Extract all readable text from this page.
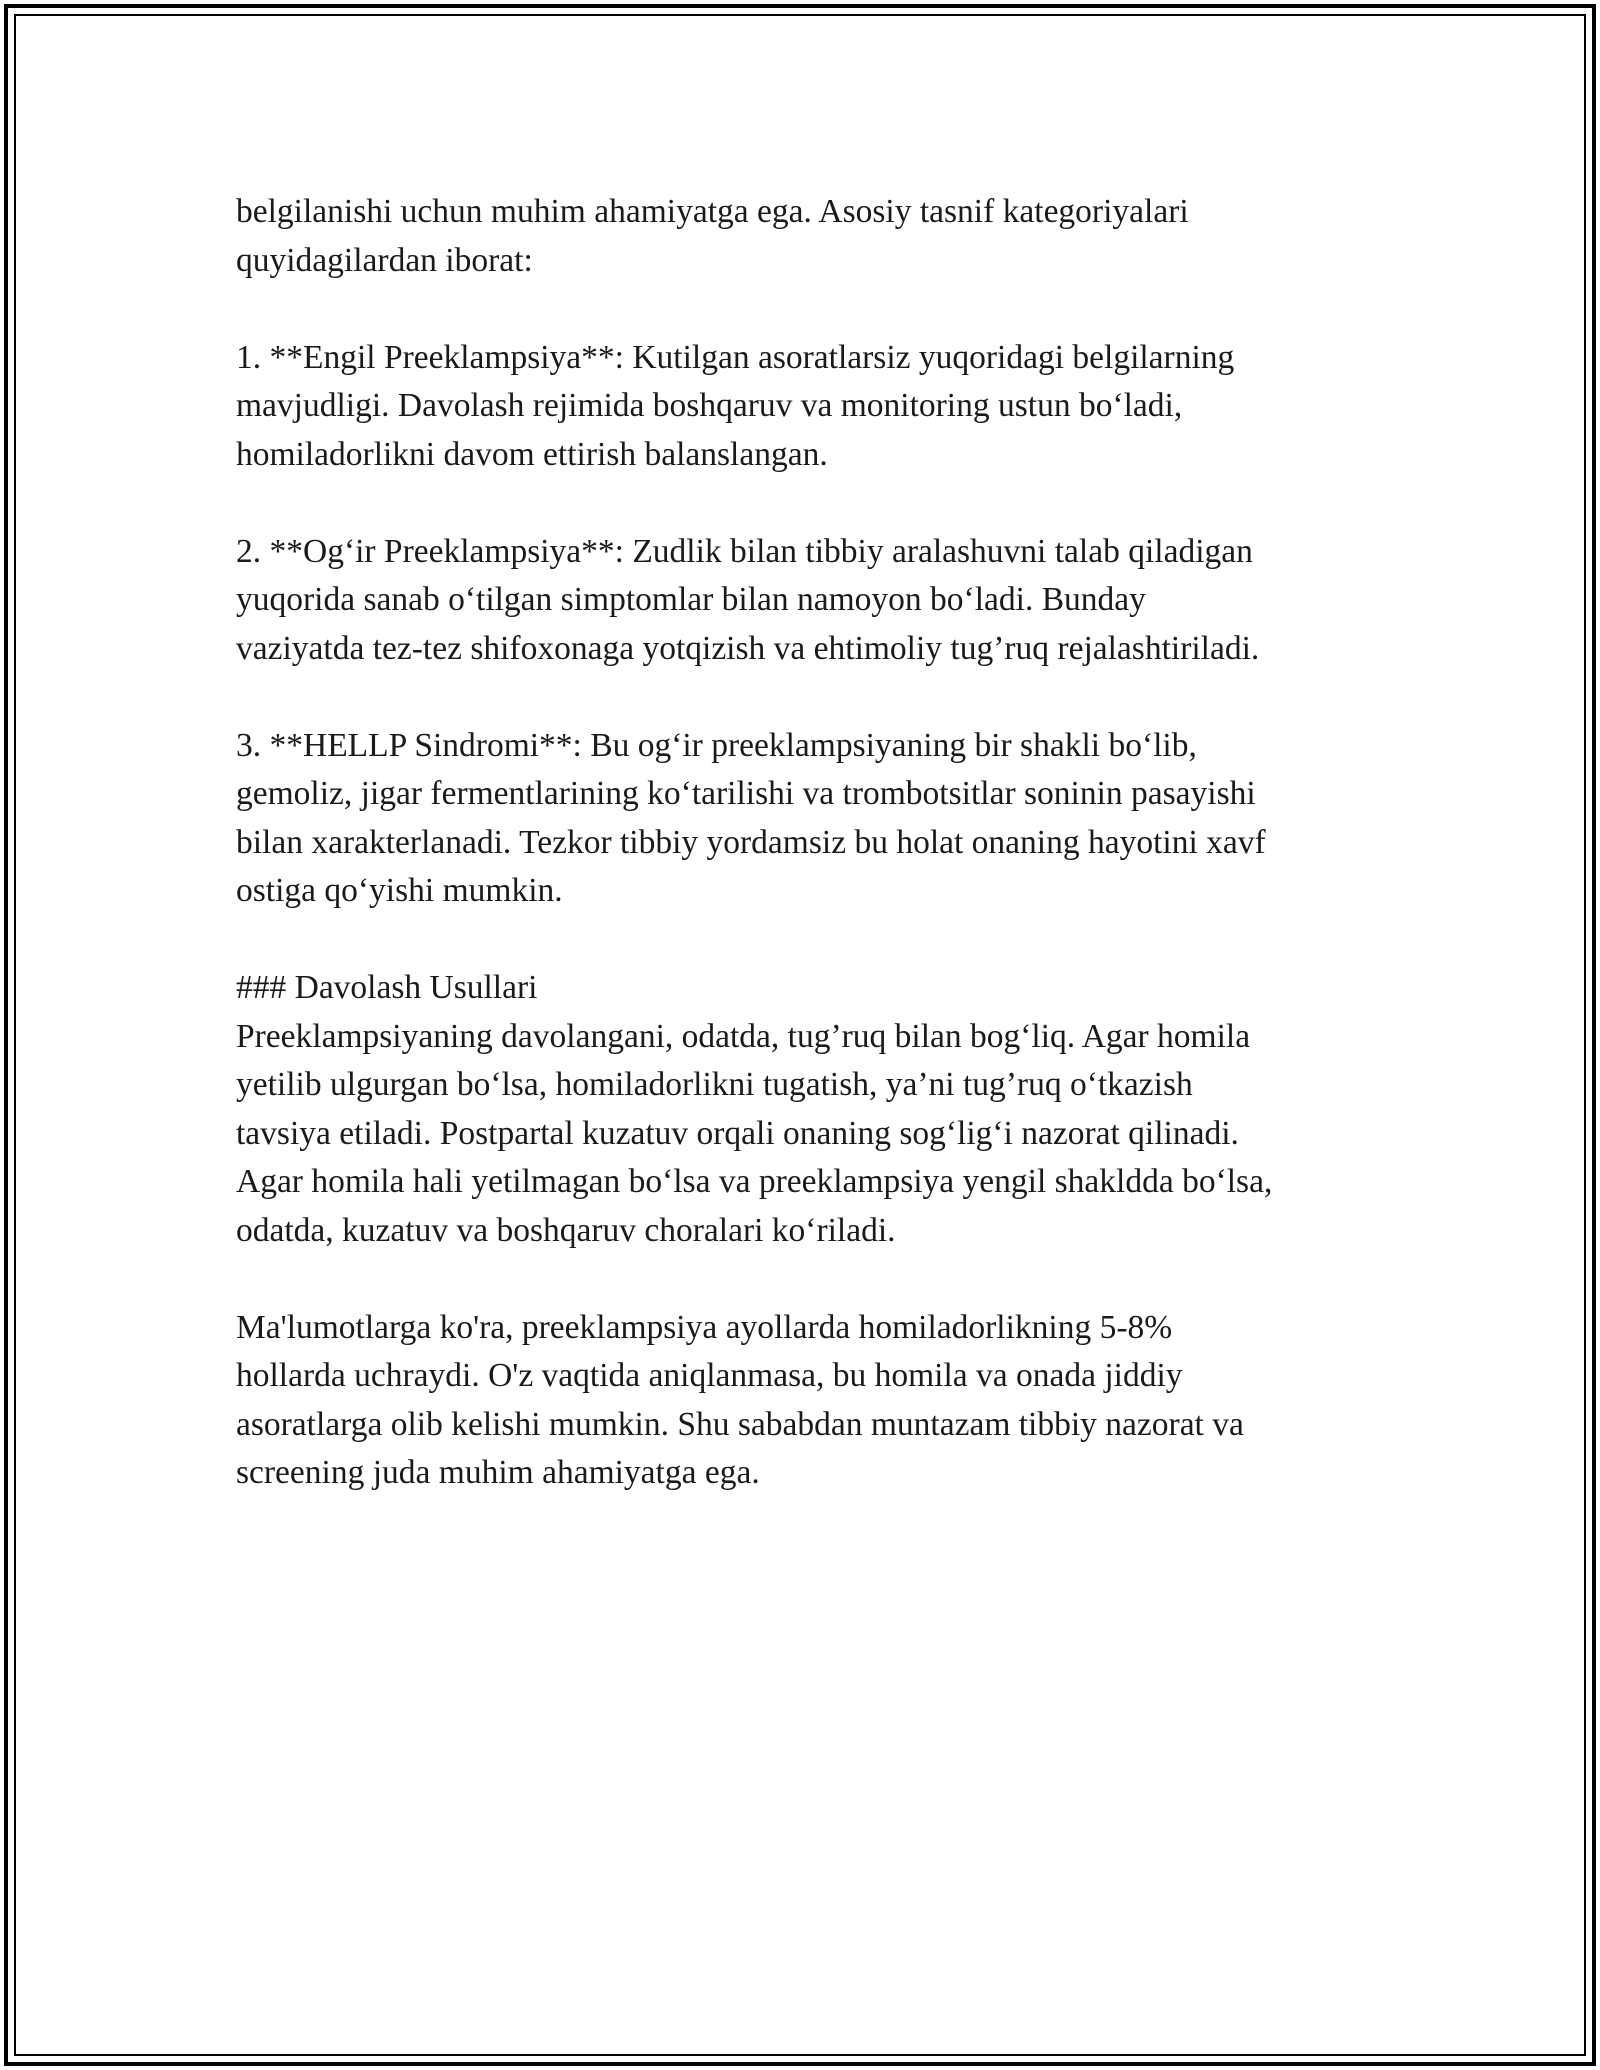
belgilanishi uchun muhim ahamiyatga ega. Asosiy tasnif kategoriyalari
quyidagilardan iborat:

1. **Engil Preeklampsiya**: Kutilgan asoratlarsiz yuqoridagi belgilarning
mavjudligi. Davolash rejimida boshqaruv va monitoring ustun bo‘ladi,
homiladorlikni davom ettirish balanslangan.

2. **Og‘ir Preeklampsiya**: Zudlik bilan tibbiy aralashuvni talab qiladigan
yuqorida sanab o‘tilgan simptomlar bilan namoyon bo‘ladi. Bunday
vaziyatda tez-tez shifoxonaga yotqizish va ehtimoliy tug’ruq rejalashtiriladi.

3. **HELLP Sindromi**: Bu og‘ir preeklampsiyaning bir shakli bo‘lib,
gemoliz, jigar fermentlarining ko‘tarilishi va trombotsitlar soninin pasayishi
bilan xarakterlanadi. Tezkor tibbiy yordamsiz bu holat onaning hayotini xavf
ostiga qo‘yishi mumkin.

### Davolash Usullari

Preeklampsiyaning davolangani, odatda, tug’ruq bilan bog‘liq. Agar homila
yetilib ulgurgan bo‘lsa, homiladorlikni tugatish, ya’ni tug’ruq o‘tkazish
tavsiya etiladi. Postpartal kuzatuv orqali onaning sog‘lig‘i nazorat qilinadi.
Agar homila hali yetilmagan bo‘lsa va preeklampsiya yengil shakldda bo‘lsa,
odatda, kuzatuv va boshqaruv choralari ko‘riladi.

Ma'lumotlarga ko'ra, preeklampsiya ayollarda homiladorlikning 5-8%
hollarda uchraydi. O'z vaqtida aniqlanmasa, bu homila va onada jiddiy
asoratlarga olib kelishi mumkin. Shu sababdan muntazam tibbiy nazorat va
screening juda muhim ahamiyatga ega.
